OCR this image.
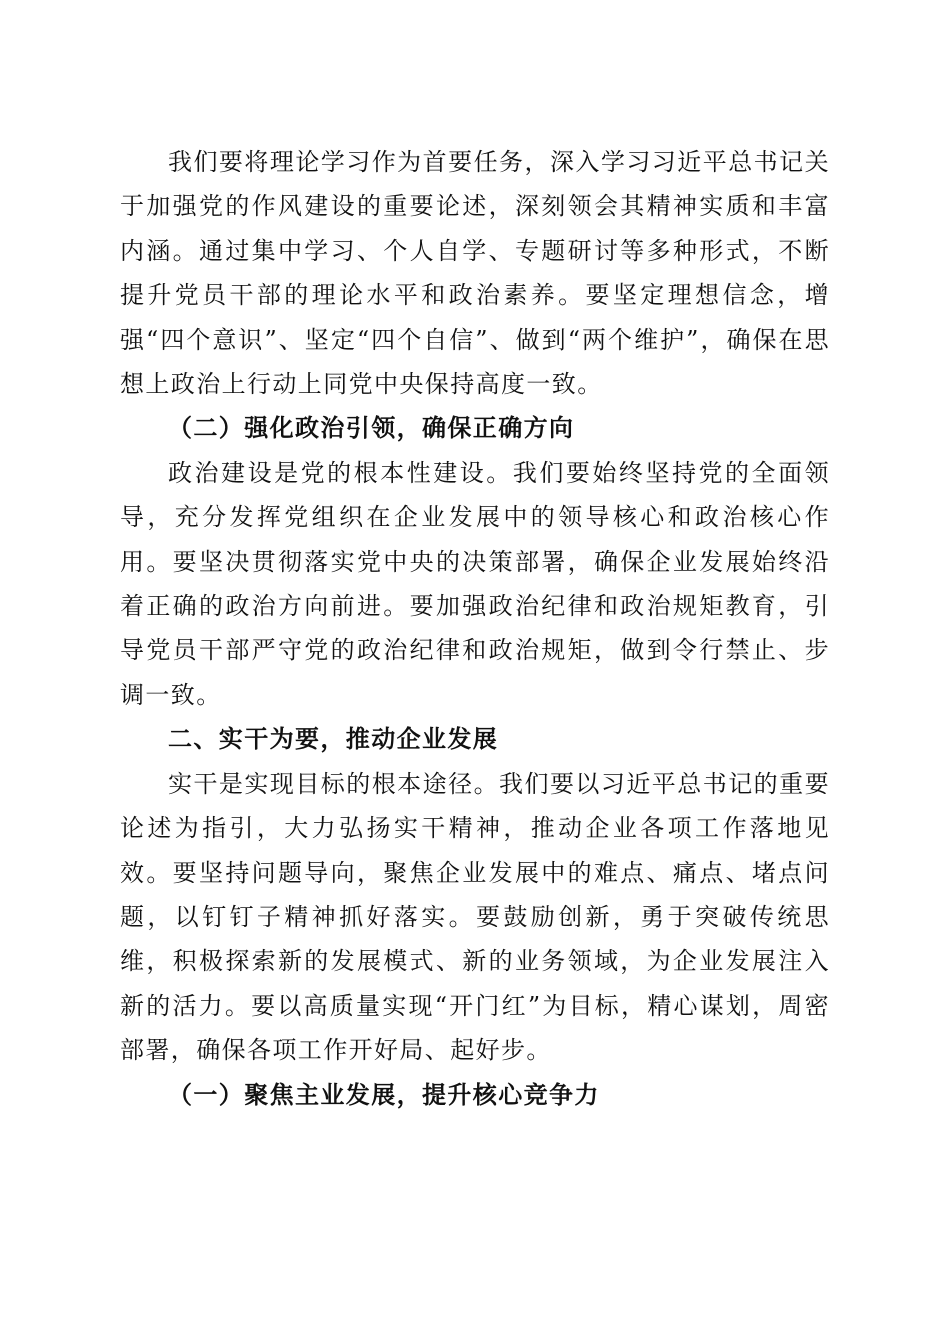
我们要将理论学习作为首要任务，深入学习习近平总书记关于加强党的作风建设的重要论述，深刻领会其精神实质和丰富内涵。通过集中学习、个人自学、专题研讨等多种形式，不断提升党员干部的理论水平和政治素养。要坚定理想信念，增强“四个意识”、坚定“四个自信”、做到“两个维护”，确保在思想上政治上行动上同党中央保持高度一致。

（二）强化政治引领，确保正确方向

政治建设是党的根本性建设。我们要始终坚持党的全面领导，充分发挥党组织在企业发展中的领导核心和政治核心作用。要坚决贯彻落实党中央的决策部署，确保企业发展始终沿着正确的政治方向前进。要加强政治纪律和政治规矩教育，引导党员干部严守党的政治纪律和政治规矩，做到令行禁止、步调一致。

二、实干为要，推动企业发展

实干是实现目标的根本途径。我们要以习近平总书记的重要论述为指引，大力弘扬实干精神，推动企业各项工作落地见效。要坚持问题导向，聚焦企业发展中的难点、痛点、堵点问题，以钉钉子精神抓好落实。要鼓励创新，勇于突破传统思维，积极探索新的发展模式、新的业务领域，为企业发展注入新的活力。要以高质量实现“开门红”为目标，精心谋划，周密部署，确保各项工作开好局、起好步。

（一）聚焦主业发展，提升核心竞争力
